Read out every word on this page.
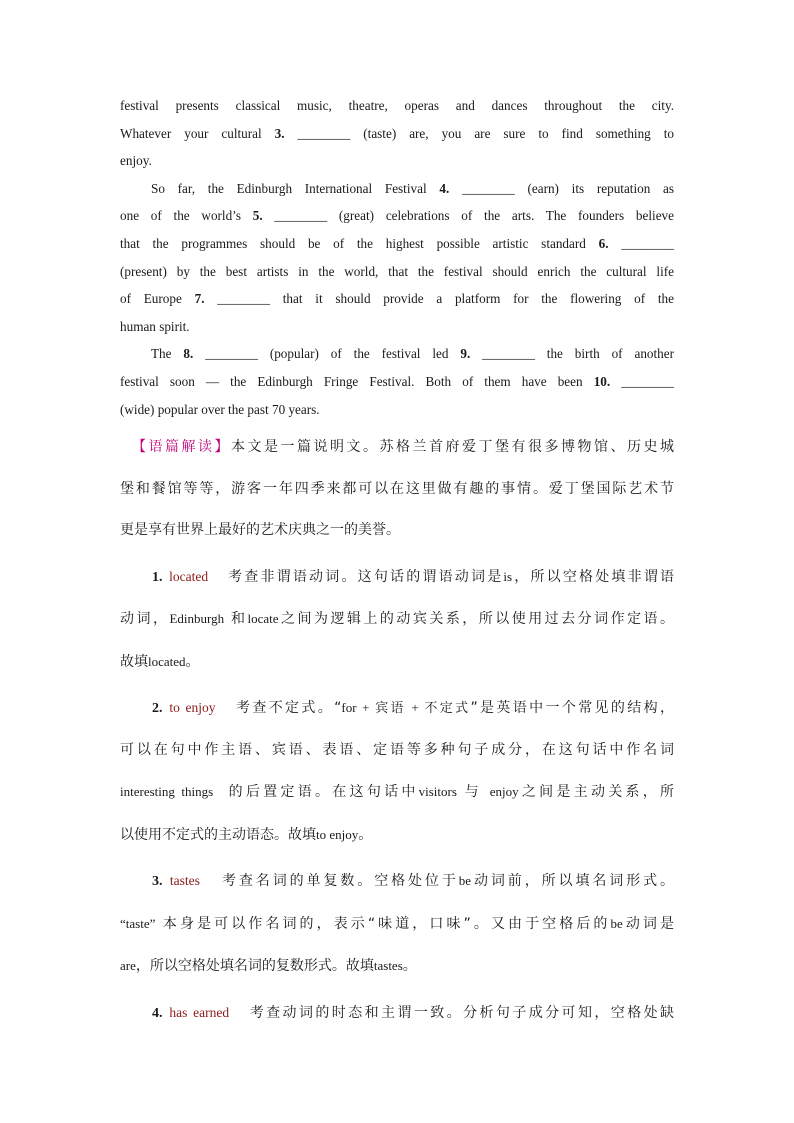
festival presents classical music, theatre, operas and dances throughout the city.
Whatever your cultural 3. ________ (taste) are, you are sure to find something to
enjoy.
So far, the Edinburgh International Festival 4. ________ (earn) its reputation as
one of the world’s 5. ________ (great) celebrations of the arts. The founders believe
that the programmes should be of the highest possible artistic standard 6. ________
(present) by the best artists in the world, that the festival should enrich the cultural life
of Europe 7. ________ that it should provide a platform for the flowering of the
human spirit.
The 8. ________ (popular) of the festival led 9. ________ the birth of another
festival soon — the Edinburgh Fringe Festival. Both of them have been 10. ________
(wide) popular over the past 70 years.
【语篇解读】本文是一篇说明文。苏格兰首府爱丁堡有很多博物馆、历史城
堡和餐馆等等，游客一年四季来都可以在这里做有趣的事情。爱丁堡国际艺术节
更是享有世界上最好的艺术庆典之一的美誉。
1. located 考查非谓语动词。这句话的谓语动词是is，所以空格处填非谓语
动词，Edinburgh 和locate之间为逻辑上的动宾关系，所以使用过去分词作定语。
故填located。
2. to enjoy 考查不定式。“for + 宾语 + 不定式”是英语中一个常见的结构，
可以在句中作主语、宾语、表语、定语等多种句子成分，在这句话中作名词
interesting things 的后置定语。在这句话中visitors 与 enjoy之间是主动关系，所
以使用不定式的主动语态。故填to enjoy。
3. tastes 考查名词的单复数。空格处位于be动词前，所以填名词形式。
“taste” 本身是可以作名词的，表示“味道，口味”。又由于空格后的be动词是
are，所以空格处填名词的复数形式。故填tastes。
4. has earned 考查动词的时态和主谓一致。分析句子成分可知，空格处缺
